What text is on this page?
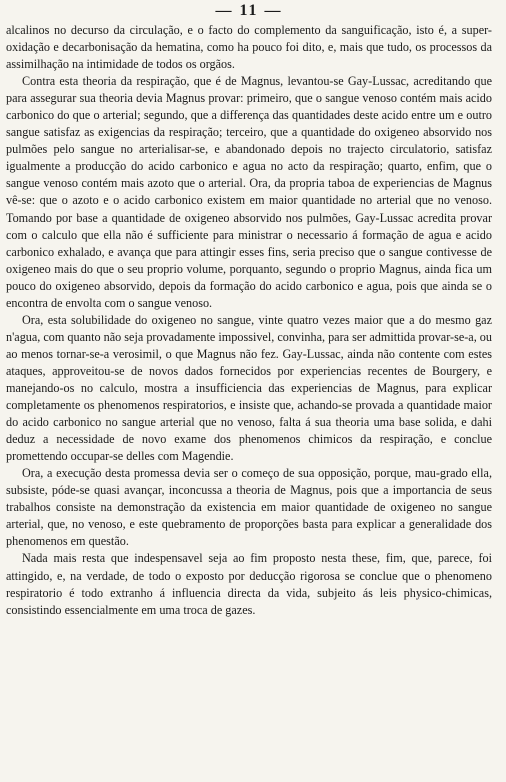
— 11 —

alcalinos no decurso da circulação, e o facto do complemento da sanguificação, isto é, a super-oxidação e decarbonisação da hematina, como ha pouco foi dito, e, mais que tudo, os processos da assimilhação na intimidade de todos os orgãos.

Contra esta theoria da respiração, que é de Magnus, levantou-se Gay-Lussac, acreditando que para assegurar sua theoria devia Magnus provar: primeiro, que o sangue venoso contém mais acido carbonico do que o arterial; segundo, que a differença das quantidades deste acido entre um e outro sangue satisfaz as exigencias da respiração; terceiro, que a quantidade do oxigeneo absorvido nos pulmões pelo sangue no arterialisar-se, e abandonado depois no trajecto circulatorio, satisfaz igualmente a producção do acido carbonico e agua no acto da respiração; quarto, enfim, que o sangue venoso contém mais azoto que o arterial. Ora, da propria taboa de experiencias de Magnus vê-se: que o azoto e o acido carbonico existem em maior quantidade no arterial que no venoso. Tomando por base a quantidade de oxigeneo absorvido nos pulmões, Gay-Lussac acredita provar com o calculo que ella não é sufficiente para ministrar o necessario á formação de agua e acido carbonico exhalado, e avança que para attingir esses fins, seria preciso que o sangue contivesse de oxigeneo mais do que o seu proprio volume, porquanto, segundo o proprio Magnus, ainda fica um pouco do oxigeneo absorvido, depois da formação do acido carbonico e agua, pois que ainda se o encontra de envolta com o sangue venoso.

Ora, esta solubilidade do oxigeneo no sangue, vinte quatro vezes maior que a do mesmo gaz n'agua, com quanto não seja provadamente impossivel, convinha, para ser admittida provar-se-a, ou ao menos tornar-se-a verosimil, o que Magnus não fez. Gay-Lussac, ainda não contente com estes ataques, approveitou-se de novos dados fornecidos por experiencias recentes de Bourgery, e manejando-os no calculo, mostra a insufficiencia das experiencias de Magnus, para explicar completamente os phenomenos respiratorios, e insiste que, achando-se provada a quantidade maior do acido carbonico no sangue arterial que no venoso, falta á sua theoria uma base solida, e dahi deduz a necessidade de novo exame dos phenomenos chimicos da respiração, e conclue promettendo occupar-se delles com Magendie.

Ora, a execução desta promessa devia ser o começo de sua opposição, porque, mau-grado ella, subsiste, póde-se quasi avançar, inconcussa a theoria de Magnus, pois que a importancia de seus trabalhos consiste na demonstração da existencia em maior quantidade de oxigeneo no sangue arterial, que, no venoso, e este quebramento de proporções basta para explicar a generalidade dos phenomenos em questão.

Nada mais resta que indespensavel seja ao fim proposto nesta these, fim, que, parece, foi attingido, e, na verdade, de todo o exposto por deducção rigorosa se conclue que o phenomeno respiratorio é todo extranho á influencia directa da vida, subjeito ás leis physico-chimicas, consistindo essencialmente em uma troca de gazes.
